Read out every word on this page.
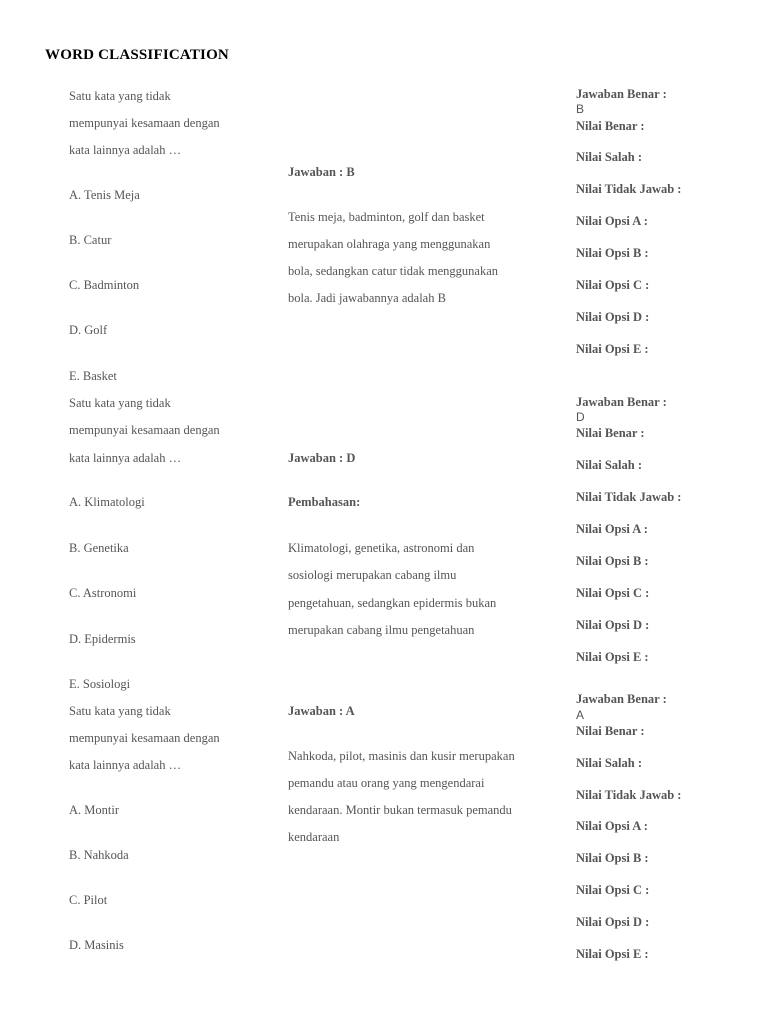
WORD CLASSIFICATION
Satu kata yang tidak
mempunyai kesamaan dengan
kata lainnya adalah …
A. Tenis Meja
B. Catur
C. Badminton
D. Golf
E. Basket
Jawaban : B
Tenis meja, badminton, golf dan basket
merupakan olahraga yang menggunakan
bola, sedangkan catur tidak menggunakan
bola. Jadi jawabannya adalah B
Jawaban Benar :
B
Nilai Benar :
Nilai Salah :
Nilai Tidak Jawab :
Nilai Opsi A :
Nilai Opsi B :
Nilai Opsi C :
Nilai Opsi D :
Nilai Opsi E :
Satu kata yang tidak
mempunyai kesamaan dengan
kata lainnya adalah …
A. Klimatologi
B. Genetika
C. Astronomi
D. Epidermis
E. Sosiologi
Jawaban : D
Pembahasan:
Klimatologi, genetika, astronomi dan
sosiologi merupakan cabang ilmu
pengetahuan, sedangkan epidermis bukan
merupakan cabang ilmu pengetahuan
Jawaban Benar :
D
Nilai Benar :
Nilai Salah :
Nilai Tidak Jawab :
Nilai Opsi A :
Nilai Opsi B :
Nilai Opsi C :
Nilai Opsi D :
Nilai Opsi E :
Satu kata yang tidak
mempunyai kesamaan dengan
kata lainnya adalah …
A. Montir
B. Nahkoda
C. Pilot
D. Masinis
Jawaban : A
Nahkoda, pilot, masinis dan kusir merupakan
pemandu atau orang yang mengendarai
kendaraan. Montir bukan termasuk pemandu
kendaraan
Jawaban Benar :
A
Nilai Benar :
Nilai Salah :
Nilai Tidak Jawab :
Nilai Opsi A :
Nilai Opsi B :
Nilai Opsi C :
Nilai Opsi D :
Nilai Opsi E :
